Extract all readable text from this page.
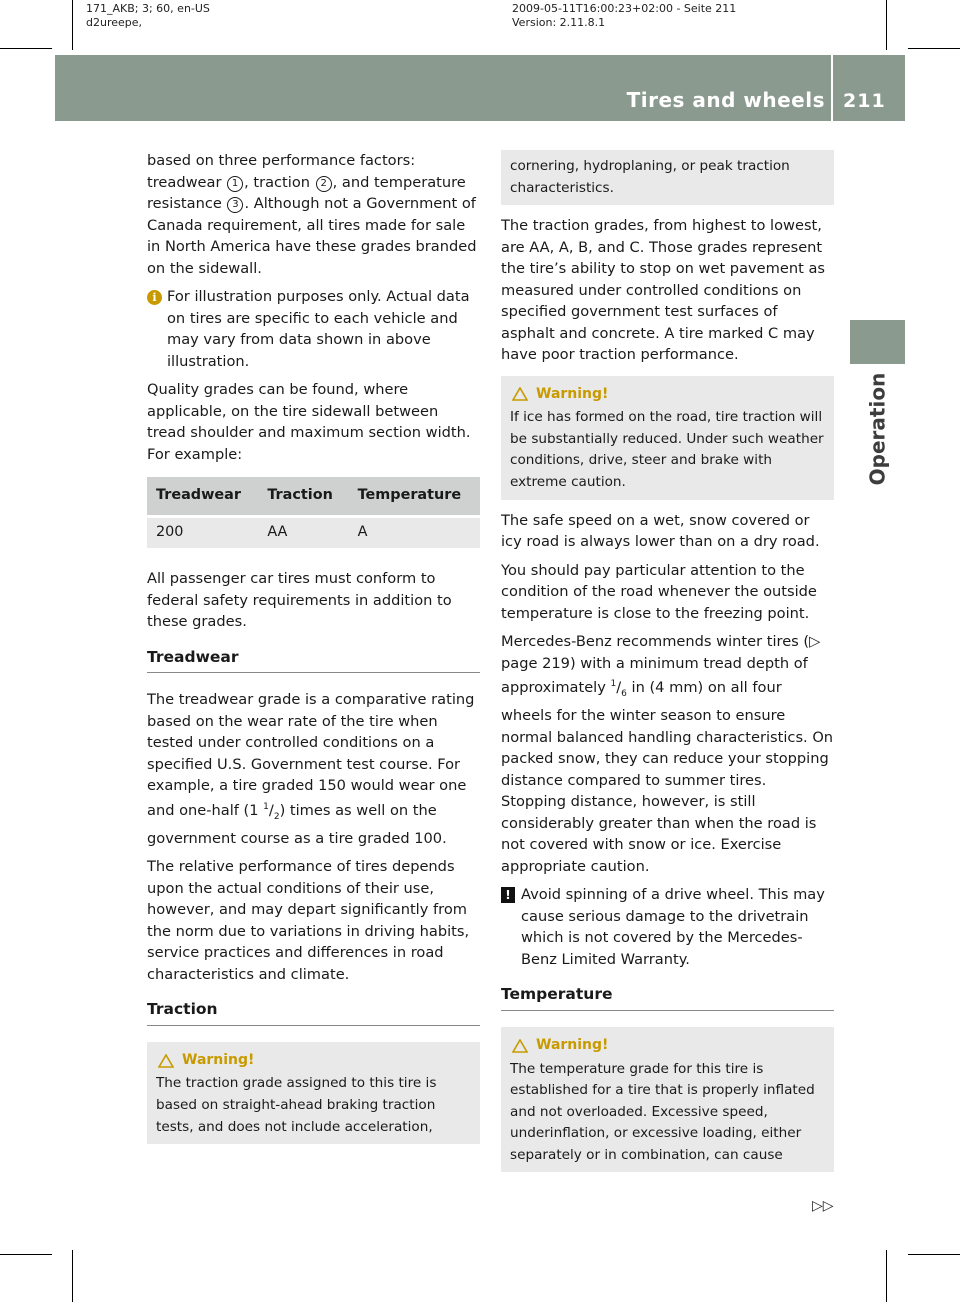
171_AKB; 3; 60, en-US
d2ureepe,
2009-05-11T16:00:23+02:00 - Seite 211
Version: 2.11.8.1
Tires and wheels 211
Operation

based on three performance factors: treadwear 1 , traction 2 , and temperature resistance 3 . Although not a Government of Canada requirement, all tires made for sale in North America have these grades branded on the sidewall.

i For illustration purposes only. Actual data on tires are specific to each vehicle and may vary from data shown in above illustration.

Quality grades can be found, where applicable, on the tire sidewall between tread shoulder and maximum section width. For example:

Treadwear	Traction	Temperature

200	AA	A

All passenger car tires must conform to federal safety requirements in addition to these grades.

Treadwear

The treadwear grade is a comparative rating based on the wear rate of the tire when tested under controlled conditions on a specified U.S. Government test course. For example, a tire graded 150 would wear one and one-half (1 $^1/_2$) times as well on the government course as a tire graded 100.

The relative performance of tires depends upon the actual conditions of their use, however, and may depart significantly from the norm due to variations in driving habits, service practices and differences in road characteristics and climate.

Traction
Warning!
The traction grade assigned to this tire is based on straight-ahead braking traction tests, and does not include acceleration,
cornering, hydroplaning, or peak traction characteristics.

The traction grades, from highest to lowest, are AA, A, B, and C. Those grades represent the tire’s ability to stop on wet pavement as measured under controlled conditions on specified government test surfaces of asphalt and concrete. A tire marked C may have poor traction performance.

Warning!
If ice has formed on the road, tire traction will be substantially reduced. Under such weather conditions, drive, steer and brake with extreme caution.

The safe speed on a wet, snow covered or icy road is always lower than on a dry road.

You should pay particular attention to the condition of the road whenever the outside temperature is close to the freezing point.

Mercedes-Benz recommends winter tires (▷ page 219) with a minimum tread depth of approximately $^1/_6$ in (4 mm) on all four wheels for the winter season to ensure normal balanced handling characteristics. On packed snow, they can reduce your stopping distance compared to summer tires. Stopping distance, however, is still considerably greater than when the road is not covered with snow or ice. Exercise appropriate caution.

! Avoid spinning of a drive wheel. This may cause serious damage to the drivetrain which is not covered by the Mercedes-Benz Limited Warranty.
Temperature
Warning!
The temperature grade for this tire is established for a tire that is properly inflated and not overloaded. Excessive speed, underinflation, or excessive loading, either separately or in combination, can cause
▷▷
